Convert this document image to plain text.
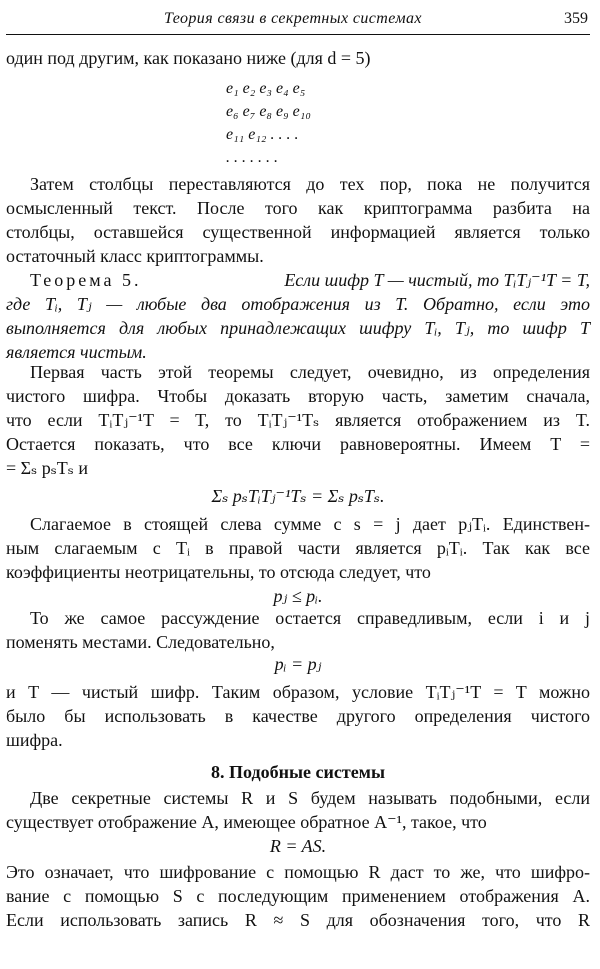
Теория связи в секретных системах	359
один под другим, как показано ниже (для d = 5)
e₁ e₂ e₃ e₄ e₅
e₆ e₇ e₈ e₉ e₁₀
e₁₁ e₁₂ . . . .
. . . . . . .
Затем столбцы переставляются до тех пор, пока не получится
осмысленный текст. После того как криптограмма разбита на
столбцы, оставшейся существенной информацией является только
остаточный класс криптограммы.
Теорема 5.	Если шифр T — чистый, то TᵢTⱼ⁻¹T = T,
где Tᵢ, Tⱼ — любые два отображения из T. Обратно, если это
выполняется для любых принадлежащих шифру Tᵢ, Tⱼ, то шифр T
является чистым.
Первая часть этой теоремы следует, очевидно, из определения
чистого шифра. Чтобы доказать вторую часть, заметим сначала,
что если TᵢTⱼ⁻¹T = T, то TᵢTⱼ⁻¹Tₛ является отображением из T.
Остается показать, что все ключи равновероятны. Имеем T =
= Σₛ pₛTₛ и
Σₛ pₛTᵢTⱼ⁻¹Tₛ = Σₛ pₛTₛ.
Слагаемое в стоящей слева сумме с s = j дает pⱼTᵢ. Единствен-
ным слагаемым с Tᵢ в правой части является pᵢTᵢ. Так как все
коэффициенты неотрицательны, то отсюда следует, что
pⱼ ≤ pᵢ.
То же самое рассуждение остается справедливым, если i и j
поменять местами. Следовательно,
pᵢ = pⱼ
и T — чистый шифр. Таким образом, условие TᵢTⱼ⁻¹T = T можно
было бы использовать в качестве другого определения чистого
шифра.
8. Подобные системы
Две секретные системы R и S будем называть подобными, если
существует отображение A, имеющее обратное A⁻¹, такое, что
R = AS.
Это означает, что шифрование с помощью R даст то же, что шифро-
вание с помощью S с последующим применением отображения A.
Если использовать запись R ≈ S для обозначения того, что R
